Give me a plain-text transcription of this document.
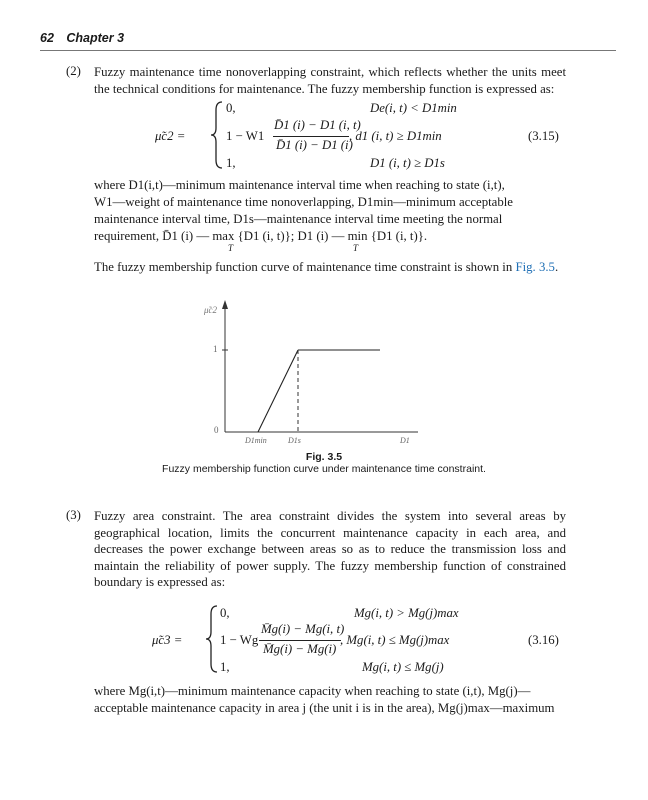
62 Chapter 3
(2) Fuzzy maintenance time nonoverlapping constraint, which reflects whether the units meet the technical conditions for maintenance. The fuzzy membership function is expressed as:

μ̃c2 =
0,	De(i, t) < D1min
1 − W1
D̄1 (i) − D1 (i, t)
D̄1 (i) − D1 (i)
, d1 (i, t) ≥ D1min
1,	D1 (i, t) ≥ D1s
(3.15)
where D1(i,t)—minimum maintenance interval time when reaching to state (i,t),
W1—weight of maintenance time nonoverlapping, D1min—minimum acceptable
maintenance interval time, D1s—maintenance interval time meeting the normal
requirement, D̄1 (i) — max {D1 (i, t)}; D1 (i) — min {D1 (i, t)}.
T	T
The fuzzy membership function curve of maintenance time constraint is shown in Fig. 3.5.
μ̃c2
1
0
D1min	D1s	D1
Fig. 3.5
Fuzzy membership function curve under maintenance time constraint.
(3) Fuzzy area constraint. The area constraint divides the system into several areas by geographical location, limits the concurrent maintenance capacity in each area, and decreases the power exchange between areas so as to reduce the transmission loss and maintain the reliability of power supply. The fuzzy membership function of constrained boundary is expressed as:

μ̃c3 =
0,	Mg(i, t) > Mg(j)max
1 − Wg
M̄g(i) − Mg(i, t)
M̄g(i) − Mg(i)
, Mg(i, t) ≤ Mg(j)max
1,	Mg(i, t) ≤ Mg(j)
(3.16)
where Mg(i,t)—minimum maintenance capacity when reaching to state (i,t), Mg(j)—
acceptable maintenance capacity in area j (the unit i is in the area), Mg(j)max—maximum
